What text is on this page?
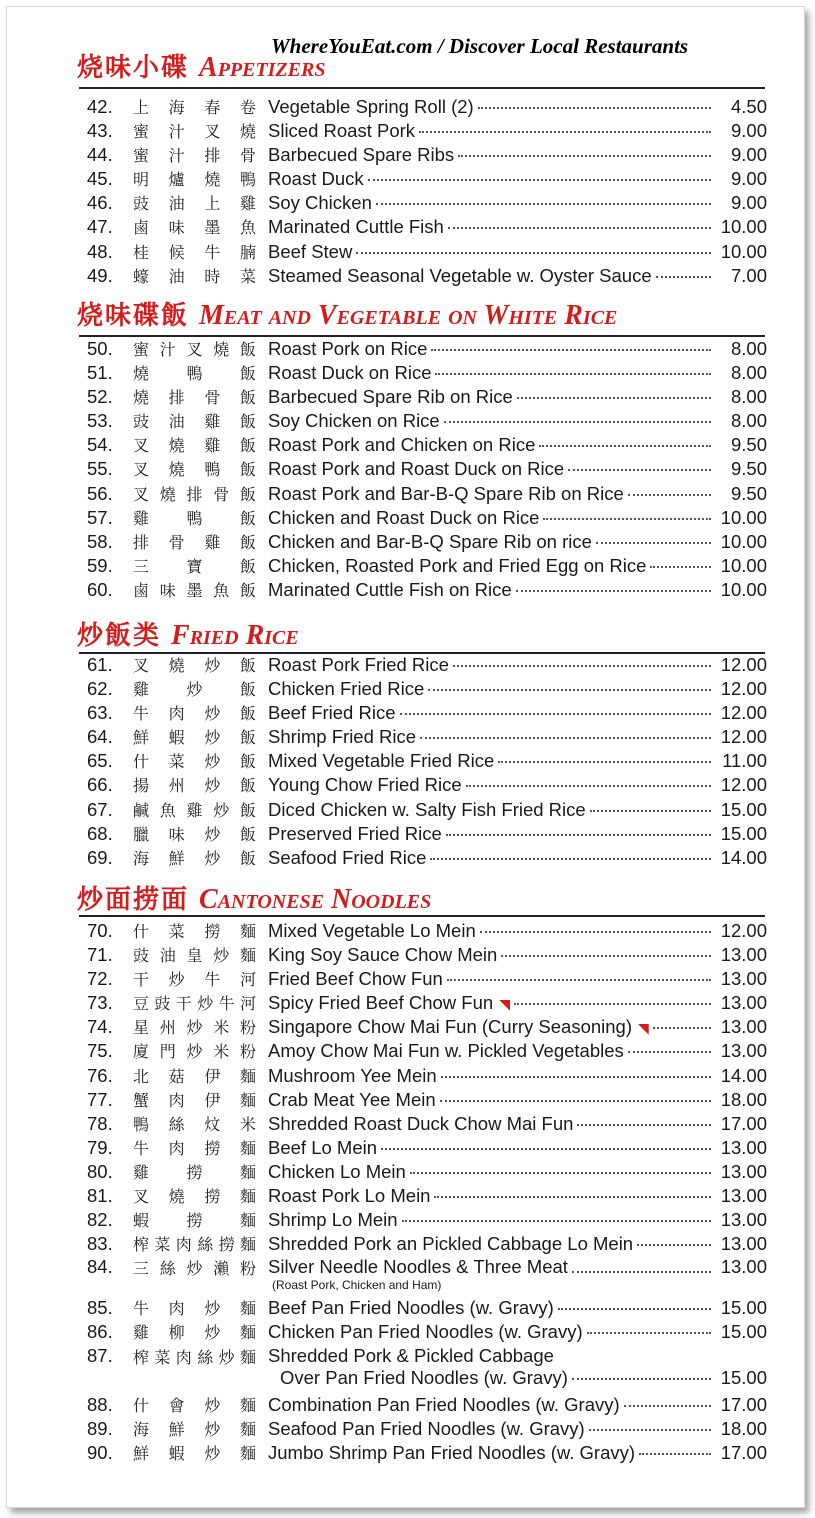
WhereYouEat.com / Discover Local Restaurants
烧味小碟 Appetizers
42.	上海春卷 Vegetable Spring Roll (2)	4.50
43.	蜜汁叉燒 Sliced Roast Pork	9.00
44.	蜜汁排骨 Barbecued Spare Ribs	9.00
45.	明爐燒鴨 Roast Duck	9.00
46.	豉油上雞 Soy Chicken	9.00
47.	鹵味墨魚 Marinated Cuttle Fish	10.00
48.	桂候牛腩 Beef Stew	10.00
49.	蠔油時菜 Steamed Seasonal Vegetable w. Oyster Sauce	7.00
烧味碟飯 Meat and Vegetable on White Rice
50.	蜜汁叉燒飯 Roast Pork on Rice	8.00
51.	燒鴨飯 Roast Duck on Rice	8.00
52.	燒排骨飯 Barbecued Spare Rib on Rice	8.00
53.	豉油雞飯 Soy Chicken on Rice	8.00
54.	叉燒雞飯 Roast Pork and Chicken on Rice	9.50
55.	叉燒鴨飯 Roast Pork and Roast Duck on Rice	9.50
56.	叉燒排骨飯 Roast Pork and Bar-B-Q Spare Rib on Rice	9.50
57.	雞鴨飯 Chicken and Roast Duck on Rice	10.00
58.	排骨雞飯 Chicken and Bar-B-Q Spare Rib on rice	10.00
59.	三寶飯 Chicken, Roasted Pork and Fried Egg on Rice	10.00
60.	鹵味墨魚飯 Marinated Cuttle Fish on Rice	10.00
炒飯类 Fried Rice
61.	叉燒炒飯 Roast Pork Fried Rice	12.00
62.	雞炒飯 Chicken Fried Rice	12.00
63.	牛肉炒飯 Beef Fried Rice	12.00
64.	鮮蝦炒飯 Shrimp Fried Rice	12.00
65.	什菜炒飯 Mixed Vegetable Fried Rice	11.00
66.	揚州炒飯 Young Chow Fried Rice	12.00
67.	鹹魚雞炒飯 Diced Chicken w. Salty Fish Fried Rice	15.00
68.	臘味炒飯 Preserved Fried Rice	15.00
69.	海鮮炒飯 Seafood Fried Rice	14.00
炒面捞面 Cantonese Noodles
70.	什菜撈麵 Mixed Vegetable Lo Mein	12.00
71.	豉油皇炒麵 King Soy Sauce Chow Mein	13.00
72.	干炒牛河 Fried Beef Chow Fun	13.00
73.	豆豉干炒牛河 Spicy Fried Beef Chow Fun ◥	13.00
74.	星州炒米粉 Singapore Chow Mai Fun (Curry Seasoning) ◥	13.00
75.	廈門炒米粉 Amoy Chow Mai Fun w. Pickled Vegetables	13.00
76.	北菇伊麵 Mushroom Yee Mein	14.00
77.	蟹肉伊麵 Crab Meat Yee Mein	18.00
78.	鴨絲炆米 Shredded Roast Duck Chow Mai Fun	17.00
79.	牛肉撈麵 Beef Lo Mein	13.00
80.	雞撈麵 Chicken Lo Mein	13.00
81.	叉燒撈麵 Roast Pork Lo Mein	13.00
82.	蝦撈麵 Shrimp Lo Mein	13.00
83.	榨菜肉絲撈麵 Shredded Pork an Pickled Cabbage Lo Mein	13.00
84.	三絲炒瀨粉 Silver Needle Noodles & Three Meat
(Roast Pork, Chicken and Ham)
13.00
85.	牛肉炒麵 Beef Pan Fried Noodles (w. Gravy)	15.00
86.	雞柳炒麵 Chicken Pan Fried Noodles (w. Gravy)	15.00
87.	榨菜肉絲炒麵 Shredded Pork & Pickled Cabbage
Over Pan Fried Noodles (w. Gravy)	15.00
88.	什會炒麵 Combination Pan Fried Noodles (w. Gravy)	17.00
89.	海鮮炒麵 Seafood Pan Fried Noodles (w. Gravy)	18.00
90.	鮮蝦炒麵 Jumbo Shrimp Pan Fried Noodles (w. Gravy)	17.00
